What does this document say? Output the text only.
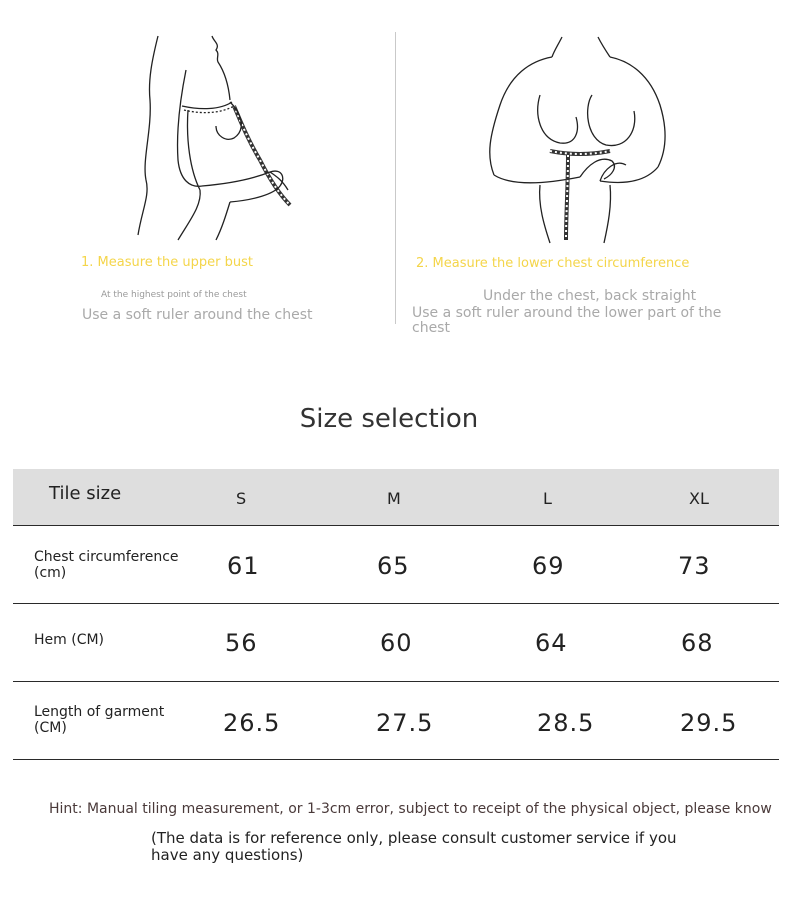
1. Measure the upper bust
At the highest point of the chest
Use a soft ruler around the chest
2. Measure the lower chest circumference
Under the chest, back straight
Use a soft ruler around the lower part of the chest
Size selection
Tile size	S	M	L	XL
Chest circumference (cm)	61	65	69	73
Hem (CM)	56	60	64	68
Length of garment (CM)	26.5	27.5	28.5	29.5
Hint: Manual tiling measurement, or 1-3cm error, subject to receipt of the physical object, please know
(The data is for reference only, please consult customer service if you have any questions)
